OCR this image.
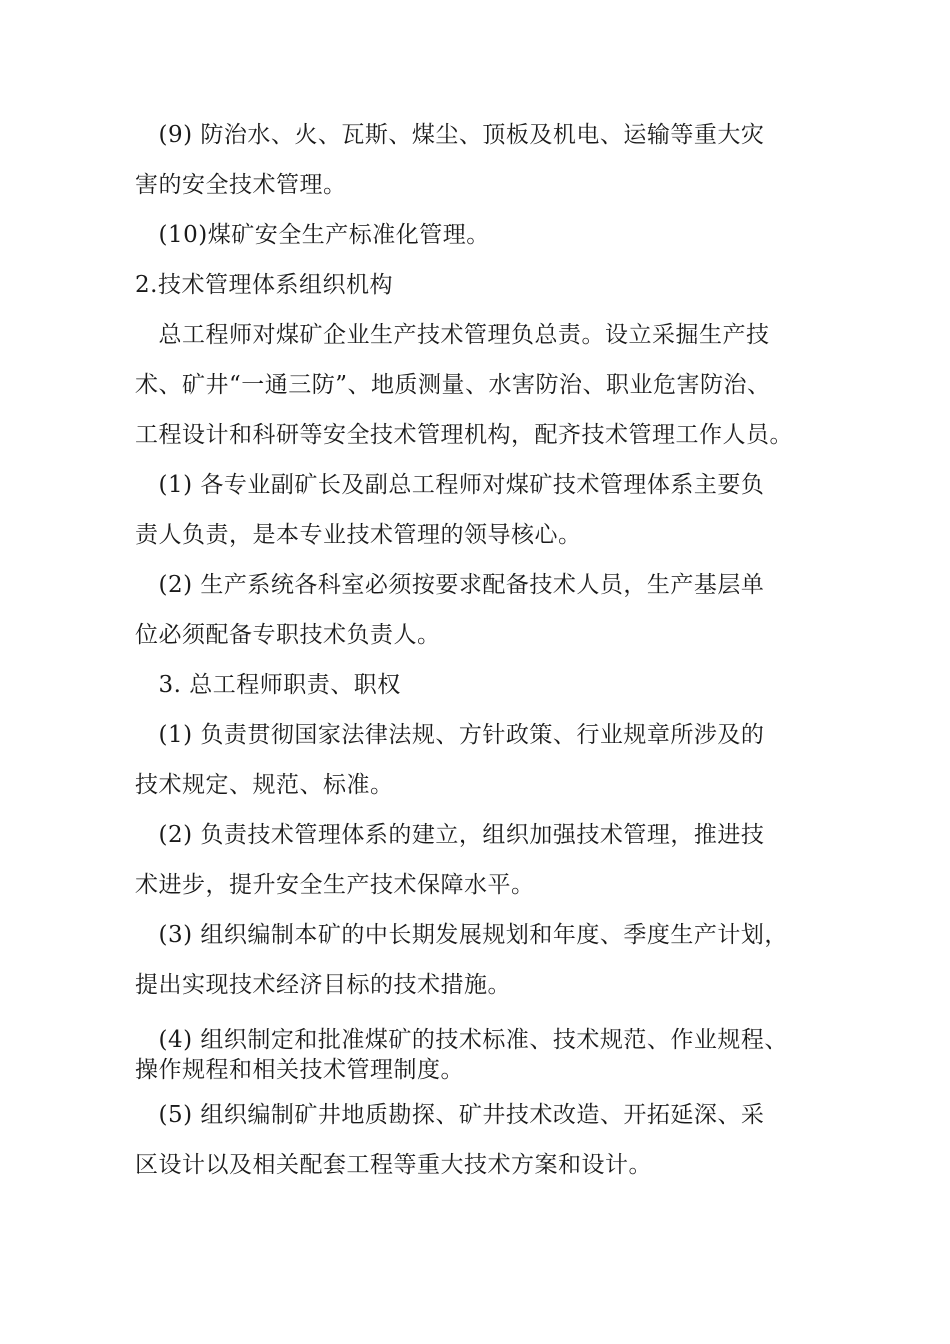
　(9) 防治水、火、瓦斯、煤尘、顶板及机电、运输等重大灾
害的安全技术管理。
　(10)煤矿安全生产标准化管理。
2.技术管理体系组织机构
　总工程师对煤矿企业生产技术管理负总责。设立采掘生产技
术、矿井“一通三防”、地质测量、水害防治、职业危害防治、
工程设计和科研等安全技术管理机构，配齐技术管理工作人员。
　(1) 各专业副矿长及副总工程师对煤矿技术管理体系主要负
责人负责，是本专业技术管理的领导核心。
　(2) 生产系统各科室必须按要求配备技术人员，生产基层单
位必须配备专职技术负责人。
　3. 总工程师职责、职权
　(1) 负责贯彻国家法律法规、方针政策、行业规章所涉及的
技术规定、规范、标准。
　(2) 负责技术管理体系的建立，组织加强技术管理，推进技
术进步，提升安全生产技术保障水平。
　(3) 组织编制本矿的中长期发展规划和年度、季度生产计划，
提出实现技术经济目标的技术措施。
　(4) 组织制定和批准煤矿的技术标准、技术规范、作业规程、
操作规程和相关技术管理制度。
　(5) 组织编制矿井地质勘探、矿井技术改造、开拓延深、采
区设计以及相关配套工程等重大技术方案和设计。
